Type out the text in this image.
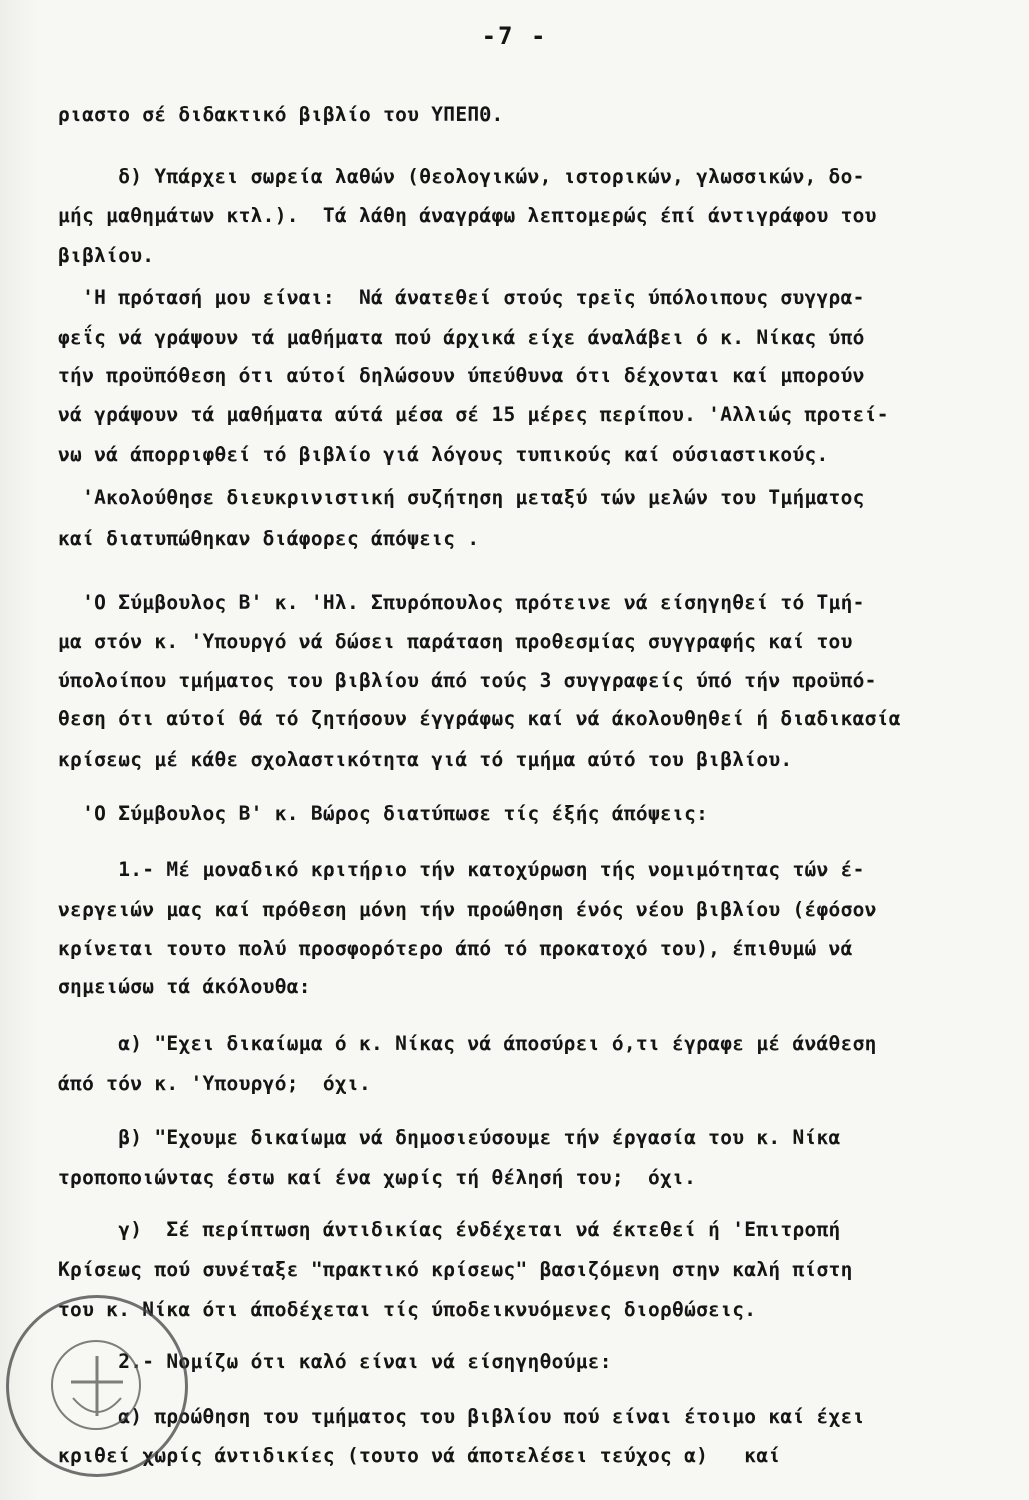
-7 -
ριαστο σέ διδακτικό βιβλίο του ΥΠΕΠΘ.
δ) Υπάρχει σωρεία λαθών (θεολογικών, ιστορικών, γλωσσικών, δο-
μής μαθημάτων κτλ.).  Τά λάθη άναγράφω λεπτομερώς έπί άντιγράφου του
βιβλίου.
'Η πρότασή μου είναι:  Νά άνατεθεί στούς τρεϊς ύπόλοιπους συγγρα-
φεΐς νά γράψουν τά μαθήματα πού άρχικά είχε άναλάβει ό κ. Νίκας ύπό
τήν προϋπόθεση ότι αύτοί δηλώσουν ύπεύθυνα ότι δέχονται καί μπορούν
νά γράψουν τά μαθήματα αύτά μέσα σέ 15 μέρες περίπου. 'Αλλιώς προτεί-
νω νά άπορριφθεί τό βιβλίο γιά λόγους τυπικούς καί ούσιαστικούς.
'Ακολούθησε διευκρινιστική συζήτηση μεταξύ τών μελών του Τμήματος
καί διατυπώθηκαν διάφορες άπόψεις .
'Ο Σύμβουλος Β' κ. 'Ηλ. Σπυρόπουλος πρότεινε νά είσηγηθεί τό Τμή-
μα στόν κ. 'Υπουργό νά δώσει παράταση προθεσμίας συγγραφής καί του
ύπολοίπου τμήματος του βιβλίου άπό τούς 3 συγγραφείς ύπό τήν προϋπό-
θεση ότι αύτοί θά τό ζητήσουν έγγράφως καί νά άκολουθηθεί ή διαδικασία
κρίσεως μέ κάθε σχολαστικότητα γιά τό τμήμα αύτό του βιβλίου.
'Ο Σύμβουλος Β' κ. Βώρος διατύπωσε τίς έξής άπόψεις:
1.- Μέ μοναδικό κριτήριο τήν κατοχύρωση τής νομιμότητας τών έ-
νεργειών μας καί πρόθεση μόνη τήν προώθηση ένός νέου βιβλίου (έφόσον
κρίνεται τουτο πολύ προσφορότερο άπό τό προκατοχό του), έπιθυμώ νά
σημειώσω τά άκόλουθα:
α) "Εχει δικαίωμα ό κ. Νίκας νά άποσύρει ό,τι έγραφε μέ άνάθεση
άπό τόν κ. 'Υπουργό;  όχι.
β) "Εχουμε δικαίωμα νά δημοσιεύσουμε τήν έργασία του κ. Νίκα
τροποποιώντας έστω καί ένα χωρίς τή θέλησή του;  όχι.
γ)  Σέ περίπτωση άντιδικίας ένδέχεται νά έκτεθεί ή 'Επιτροπή
Κρίσεως πού συνέταξε "πρακτικό κρίσεως" βασιζόμενη στην καλή πίστη
του κ. Νίκα ότι άποδέχεται τίς ύποδεικνυόμενες διορθώσεις.
2.- Νομίζω ότι καλό είναι νά είσηγηθούμε:
α) προώθηση του τμήματος του βιβλίου πού είναι έτοιμο καί έχει
κριθεί χωρίς άντιδικίες (τουτο νά άποτελέσει τεύχος α)   καί
